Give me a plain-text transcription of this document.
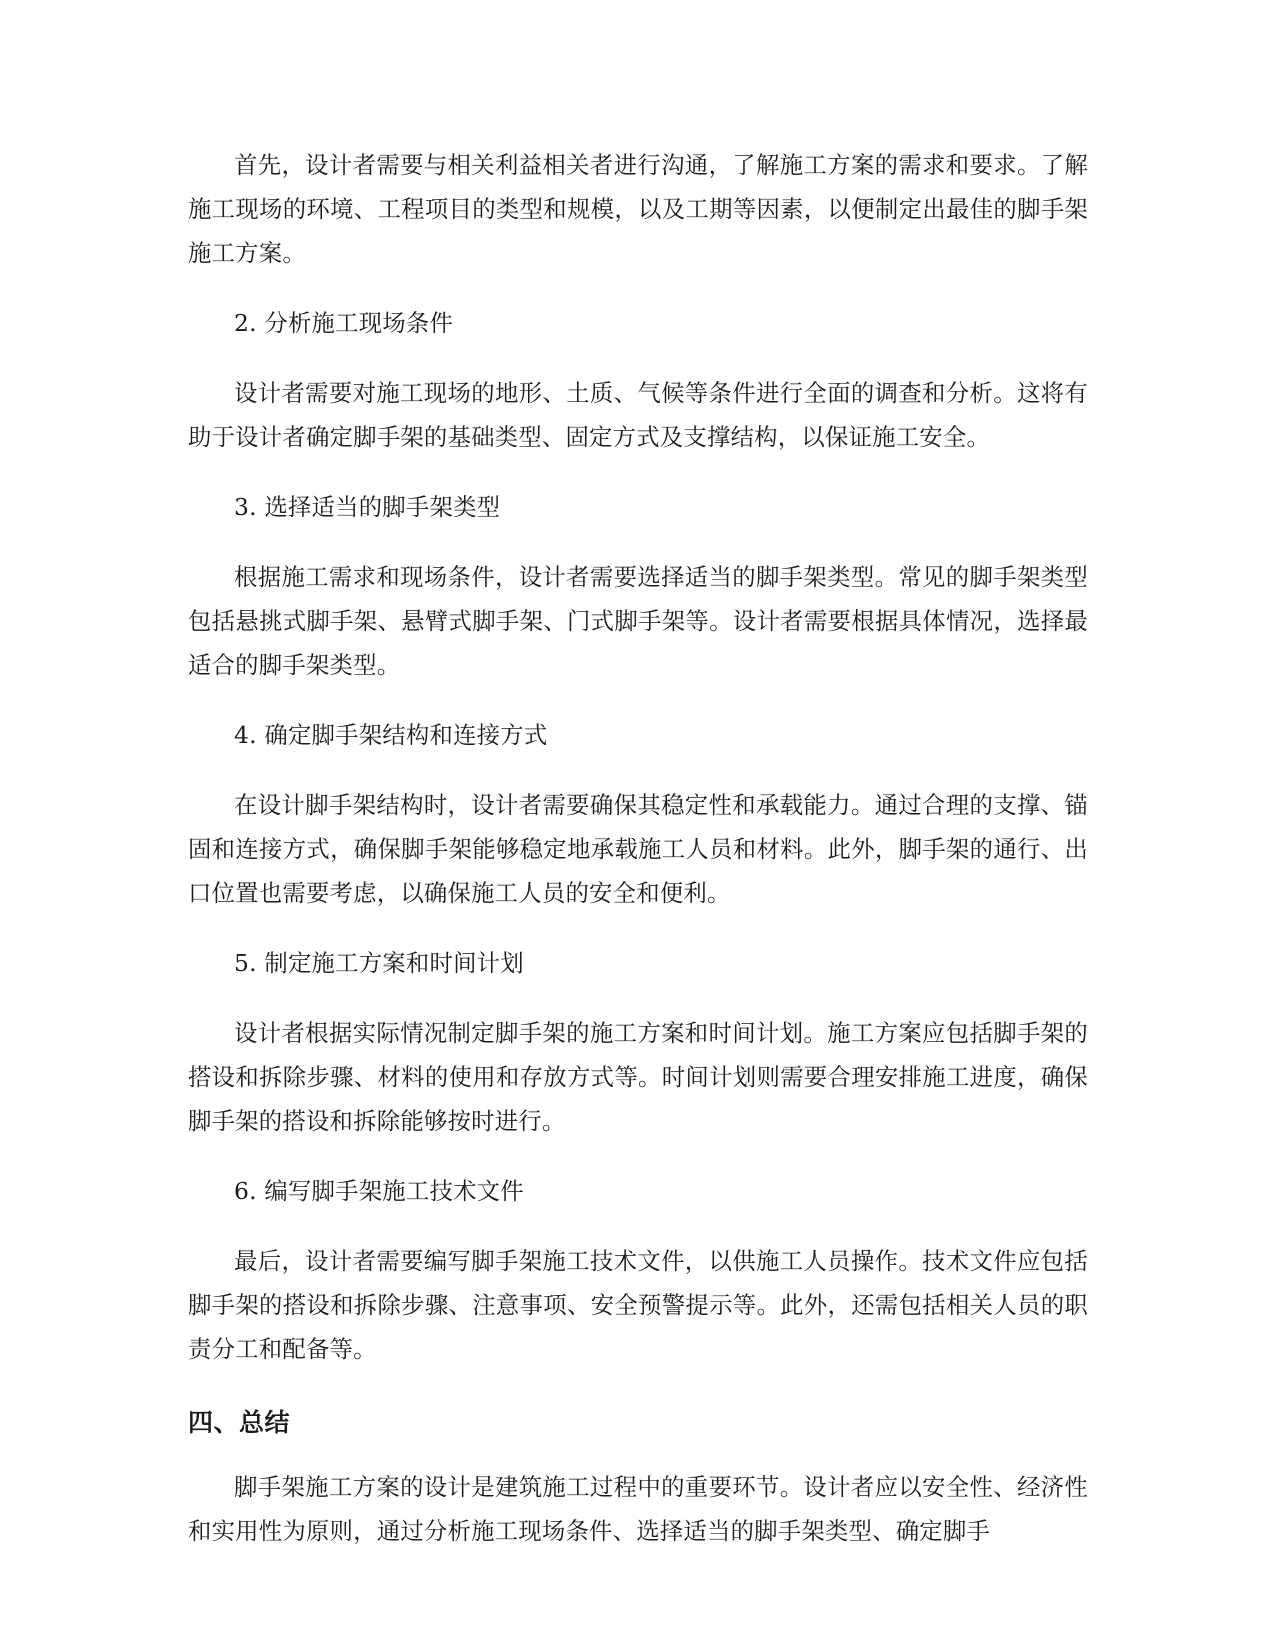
首先，设计者需要与相关利益相关者进行沟通，了解施工方案的需求和要求。了解施工现场的环境、工程项目的类型和规模，以及工期等因素，以便制定出最佳的脚手架施工方案。

2. 分析施工现场条件

设计者需要对施工现场的地形、土质、气候等条件进行全面的调查和分析。这将有助于设计者确定脚手架的基础类型、固定方式及支撑结构，以保证施工安全。

3. 选择适当的脚手架类型

根据施工需求和现场条件，设计者需要选择适当的脚手架类型。常见的脚手架类型包括悬挑式脚手架、悬臂式脚手架、门式脚手架等。设计者需要根据具体情况，选择最适合的脚手架类型。

4. 确定脚手架结构和连接方式

在设计脚手架结构时，设计者需要确保其稳定性和承载能力。通过合理的支撑、锚固和连接方式，确保脚手架能够稳定地承载施工人员和材料。此外，脚手架的通行、出口位置也需要考虑，以确保施工人员的安全和便利。

5. 制定施工方案和时间计划

设计者根据实际情况制定脚手架的施工方案和时间计划。施工方案应包括脚手架的搭设和拆除步骤、材料的使用和存放方式等。时间计划则需要合理安排施工进度，确保脚手架的搭设和拆除能够按时进行。

6. 编写脚手架施工技术文件

最后，设计者需要编写脚手架施工技术文件，以供施工人员操作。技术文件应包括脚手架的搭设和拆除步骤、注意事项、安全预警提示等。此外，还需包括相关人员的职责分工和配备等。

四、总结

脚手架施工方案的设计是建筑施工过程中的重要环节。设计者应以安全性、经济性和实用性为原则，通过分析施工现场条件、选择适当的脚手架类型、确定脚手
